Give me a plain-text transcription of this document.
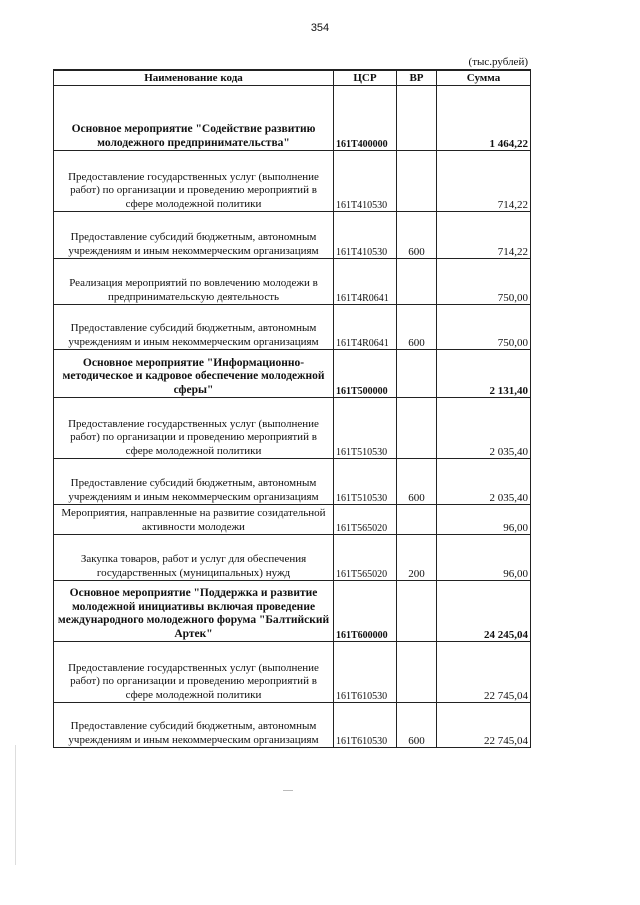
354
(тыс.рублей)
Наименование кода	ЦСР	ВР	Сумма
Основное мероприятие "Содействие развитию молодежного предпринимательства"	161Т400000		1 464,22
Предоставление государственных услуг (выполнение работ) по организации и проведению мероприятий в сфере молодежной политики	161Т410530		714,22
Предоставление субсидий бюджетным, автономным учреждениям и иным некоммерческим организациям	161Т410530	600	714,22
Реализация мероприятий по вовлечению молодежи в предпринимательскую деятельность	161Т4R0641		750,00
Предоставление субсидий бюджетным, автономным учреждениям и иным некоммерческим организациям	161Т4R0641	600	750,00
Основное мероприятие "Информационно-методическое и кадровое обеспечение молодежной сферы"	161Т500000		2 131,40
Предоставление государственных услуг (выполнение работ) по организации и проведению мероприятий в сфере молодежной политики	161Т510530		2 035,40
Предоставление субсидий бюджетным, автономным учреждениям и иным некоммерческим организациям	161Т510530	600	2 035,40
Мероприятия, направленные на развитие созидательной активности молодежи	161Т565020		96,00
Закупка товаров, работ и услуг для обеспечения государственных (муниципальных) нужд	161Т565020	200	96,00
Основное мероприятие "Поддержка и развитие молодежной инициативы включая проведение международного молодежного форума "Балтийский Артек"	161Т600000		24 245,04
Предоставление государственных услуг (выполнение работ) по организации и проведению мероприятий в сфере молодежной политики	161Т610530		22 745,04
Предоставление субсидий бюджетным, автономным учреждениям и иным некоммерческим организациям	161Т610530	600	22 745,04
